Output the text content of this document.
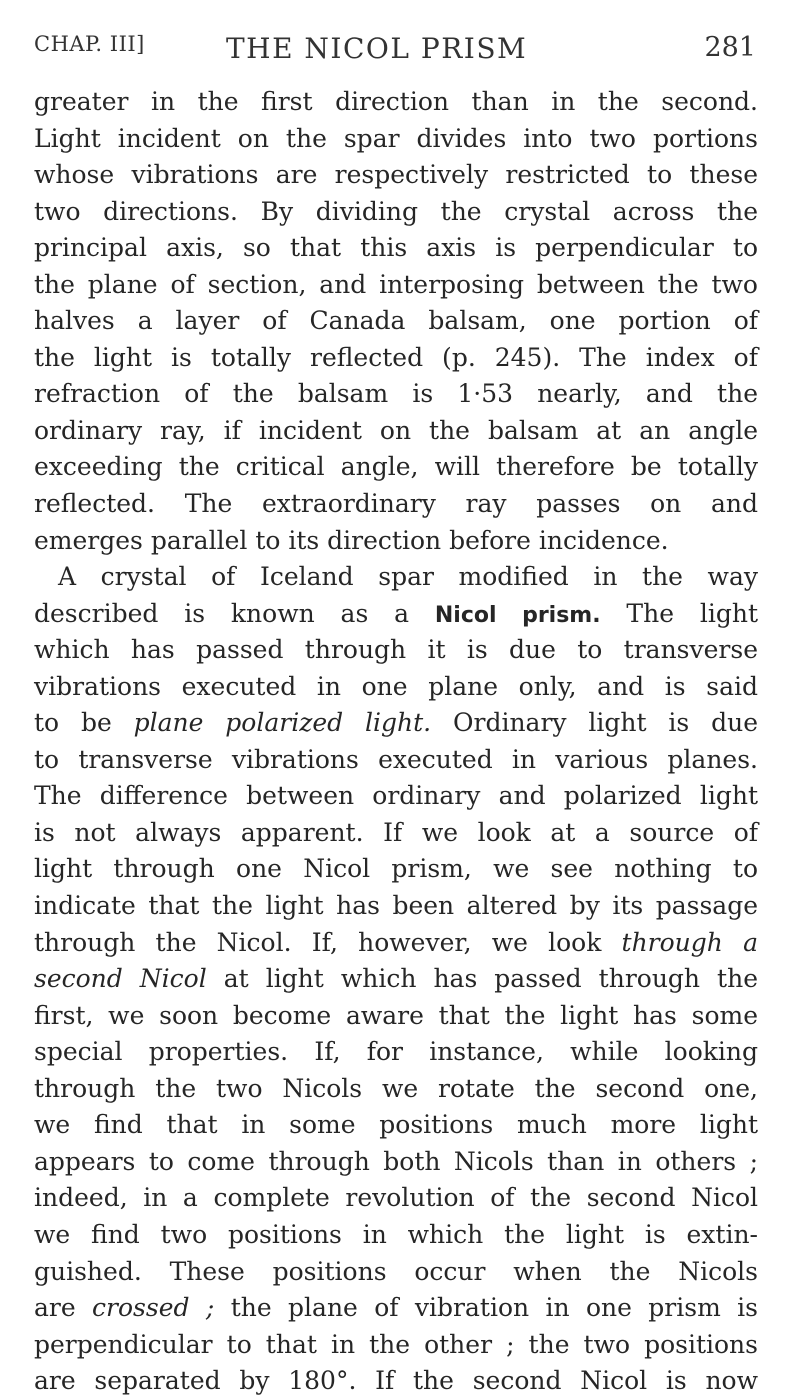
CHAP. III]	THE NICOL PRISM	281
greater in the first direction than in the second.
Light incident on the spar divides into two portions
whose vibrations are respectively restricted to these
two directions. By dividing the crystal across the
principal axis, so that this axis is perpendicular to
the plane of section, and interposing between the two
halves a layer of Canada balsam, one portion of
the light is totally reflected (p. 245). The index of
refraction of the balsam is 1·53 nearly, and the
ordinary ray, if incident on the balsam at an angle
exceeding the critical angle, will therefore be totally
reflected. The extraordinary ray passes on and
emerges parallel to its direction before incidence.
A crystal of Iceland spar modified in the way
described is known as a Nicol prism. The light
which has passed through it is due to transverse
vibrations executed in one plane only, and is said
to be plane polarized light. Ordinary light is due
to transverse vibrations executed in various planes.
The difference between ordinary and polarized light
is not always apparent. If we look at a source of
light through one Nicol prism, we see nothing to
indicate that the light has been altered by its passage
through the Nicol. If, however, we look through a
second Nicol at light which has passed through the
first, we soon become aware that the light has some
special properties. If, for instance, while looking
through the two Nicols we rotate the second one,
we find that in some positions much more light
appears to come through both Nicols than in others ;
indeed, in a complete revolution of the second Nicol
we find two positions in which the light is extin-
guished. These positions occur when the Nicols
are crossed ; the plane of vibration in one prism is
perpendicular to that in the other ; the two positions
are separated by 180°. If the second Nicol is now
